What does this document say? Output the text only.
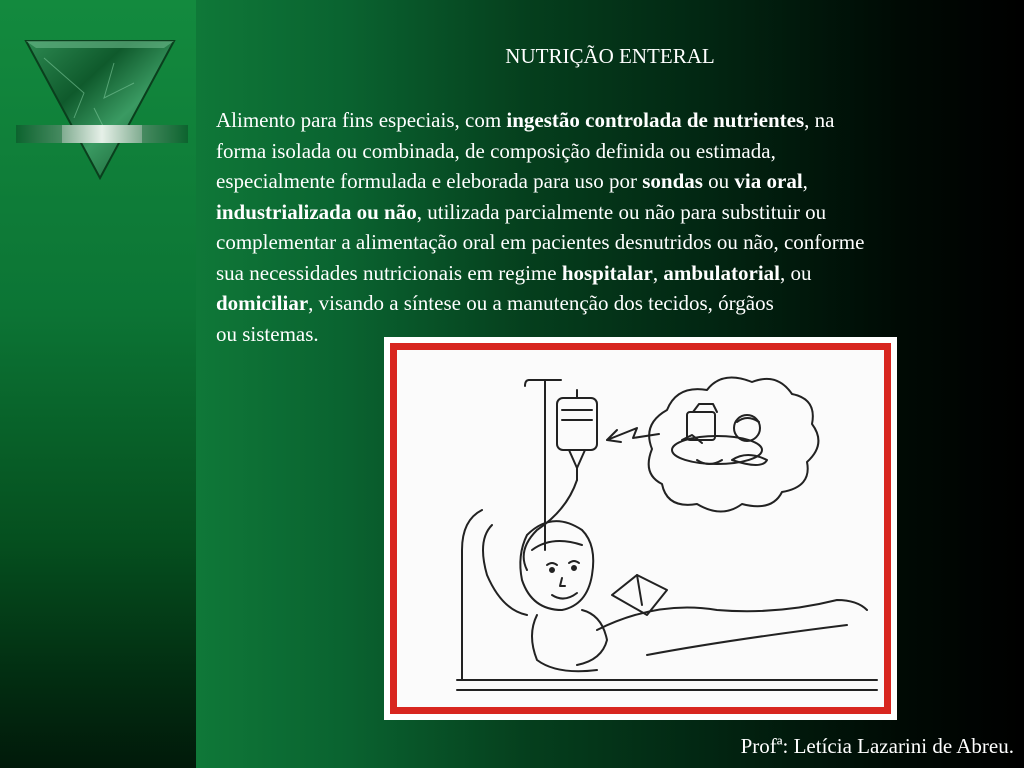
NUTRIÇÃO ENTERAL

Alimento para fins especiais, com ingestão controlada de nutrientes, na
forma isolada ou combinada, de composição definida ou estimada,
especialmente formulada e eleborada para uso por sondas ou via oral,
industrializada ou não, utilizada parcialmente ou não para substituir ou
complementar a alimentação oral em pacientes desnutridos ou não, conforme
sua necessidades nutricionais em regime hospitalar, ambulatorial, ou
domiciliar, visando a síntese ou a manutenção dos tecidos, órgãos
ou sistemas.

Profª: Letícia Lazarini de Abreu.
